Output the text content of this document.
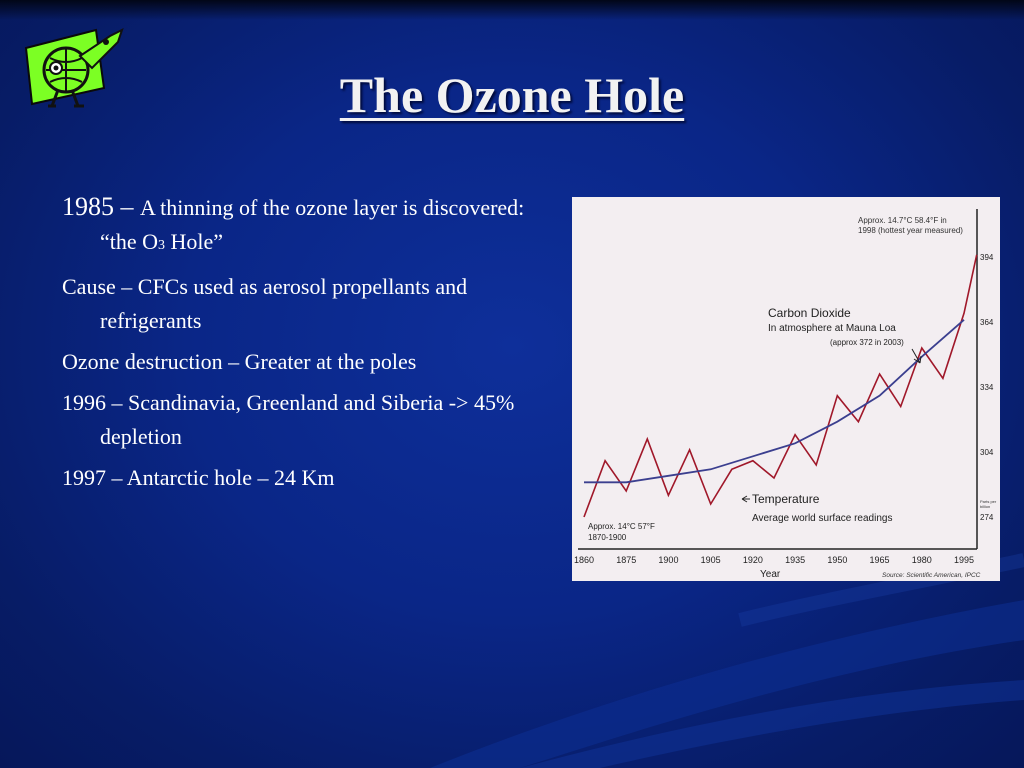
The Ozone Hole
1985 – A thinning of the ozone layer is discovered: “the O3 Hole”
Cause – CFCs used as aerosol propellants and refrigerants
Ozone destruction – Greater at the poles
1996 – Scandinavia, Greenland and Siberia -> 45% depletion
1997 – Antarctic hole – 24 Km
1860 1875 1900 1905 1920 1935 1950 1965 1980 1995
394
364
334
304
274
Approx. 14.7°C 58.4°F in
1998 (hottest year measured)
Carbon Dioxide
In atmosphere at Mauna Loa
(approx 372 in 2003)
Temperature
Average world surface readings
Approx. 14°C 57°F
1870-1900
Parts per
billion
Year	Source: Scientific American, IPCC
